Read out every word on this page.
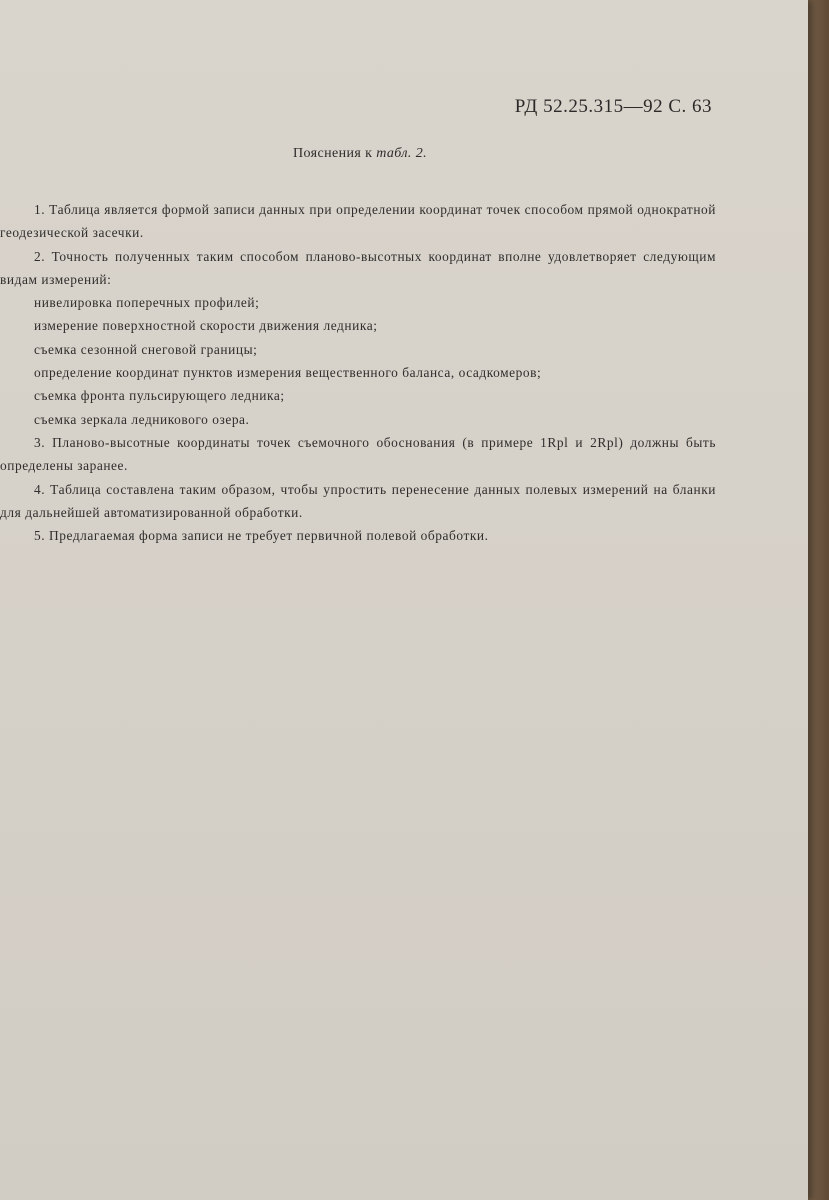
РД 52.25.315—92 С. 63
Пояснения к табл. 2.

1. Таблица является формой записи данных при определении координат точек способом прямой однократной геодезической засечки.

2. Точность полученных таким способом планово-высотных координат вполне удовлетворяет следующим видам измерений:

нивелировка поперечных профилей;

измерение поверхностной скорости движения ледника;

съемка сезонной снеговой границы;

определение координат пунктов измерения вещественного баланса, осадкомеров;

съемка фронта пульсирующего ледника;

съемка зеркала ледникового озера.

3. Планово-высотные координаты точек съемочного обоснования (в примере 1Rpl и 2Rpl) должны быть определены заранее.

4. Таблица составлена таким образом, чтобы упростить перенесение данных полевых измерений на бланки для дальнейшей автоматизированной обработки.

5. Предлагаемая форма записи не требует первичной полевой обработки.
